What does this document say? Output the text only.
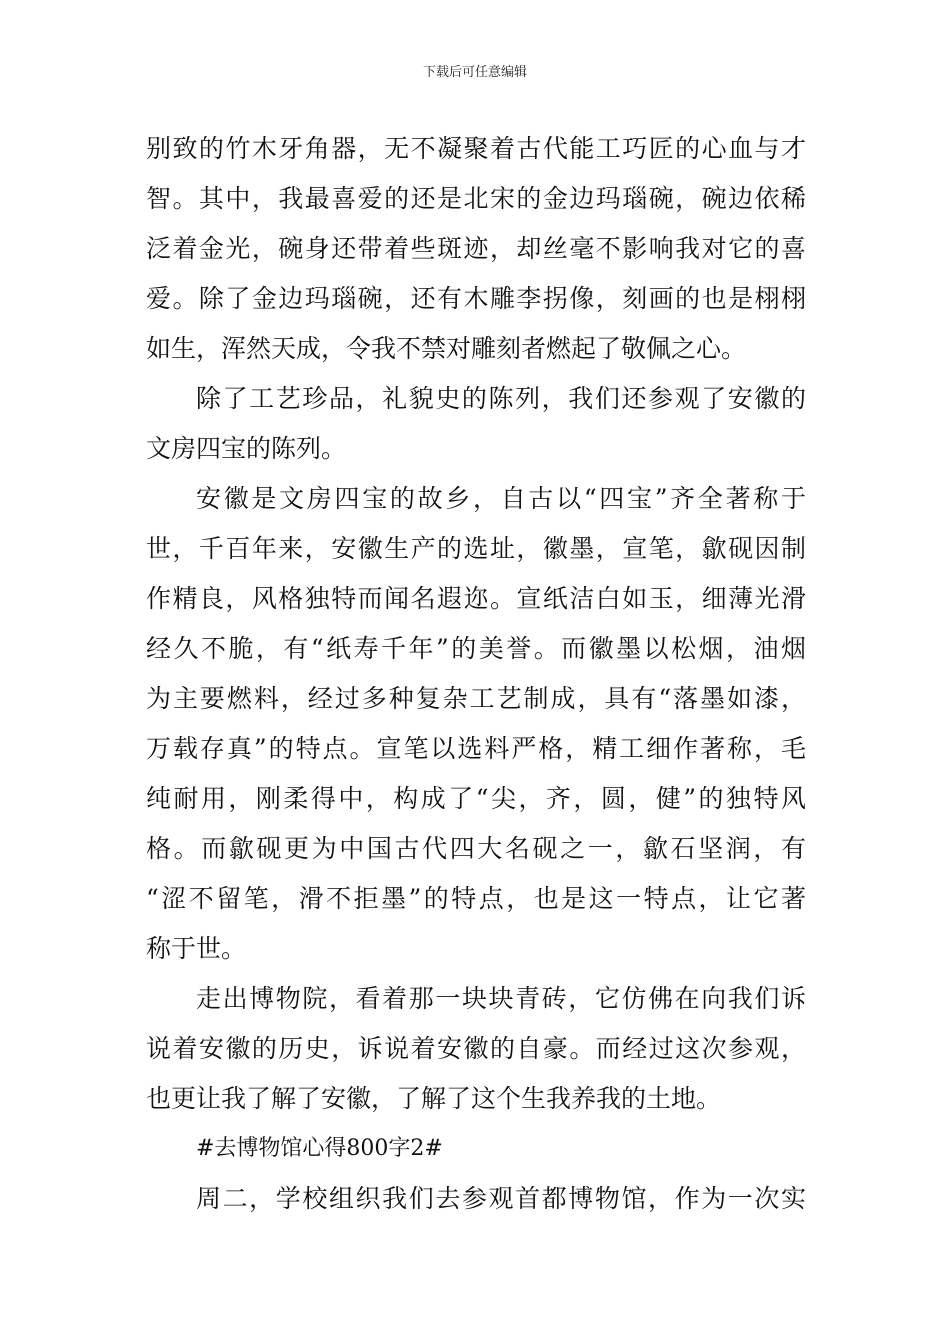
下载后可任意编辑
别致的竹木牙角器，无不凝聚着古代能工巧匠的心血与才
智。其中，我最喜爱的还是北宋的金边玛瑙碗，碗边依稀
泛着金光，碗身还带着些斑迹，却丝毫不影响我对它的喜
爱。除了金边玛瑙碗，还有木雕李拐像，刻画的也是栩栩
如生，浑然天成，令我不禁对雕刻者燃起了敬佩之心。
除了工艺珍品，礼貌史的陈列，我们还参观了安徽的
文房四宝的陈列。
安徽是文房四宝的故乡，自古以“四宝”齐全著称于
世，千百年来，安徽生产的选址，徽墨，宣笔，歙砚因制
作精良，风格独特而闻名遐迩。宣纸洁白如玉，细薄光滑
经久不脆，有“纸寿千年”的美誉。而徽墨以松烟，油烟
为主要燃料，经过多种复杂工艺制成，具有“落墨如漆，
万载存真”的特点。宣笔以选料严格，精工细作著称，毛
纯耐用，刚柔得中，构成了“尖，齐，圆，健”的独特风
格。而歙砚更为中国古代四大名砚之一，歙石坚润，有
“涩不留笔，滑不拒墨”的特点，也是这一特点，让它著
称于世。
走出博物院，看着那一块块青砖，它仿佛在向我们诉
说着安徽的历史，诉说着安徽的自豪。而经过这次参观，
也更让我了解了安徽，了解了这个生我养我的土地。
#去博物馆心得800字2#
周二，学校组织我们去参观首都博物馆，作为一次实
